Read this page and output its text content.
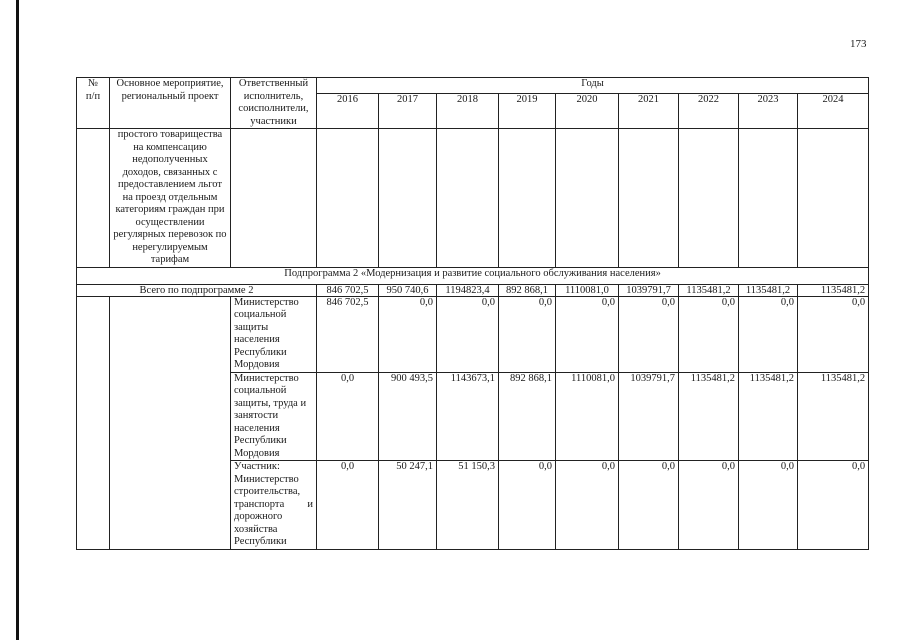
173
№
п/п	Основное мероприятие, региональный проект	Ответственный исполнитель, соисполнители, участники	Годы								
			2016	2017	2018	2019	2020	2021	2022	2023	2024
	простого товарищества на компенсацию недополученных доходов, связанных с предоставлением льгот на проезд отдельным категориям граждан при осуществлении регулярных перевозок по нерегулируемым тарифам										
Подпрограмма 2 «Модернизация и развитие социального обслуживания населения»											
Всего по подпрограмме 2			846 702,5	950 740,6	1194823,4	892 868,1	1110081,0	1039791,7	1135481,2	1135481,2	1135481,2
		Министерство социальной защиты населения Республики Мордовия	846 702,5	0,0	0,0	0,0	0,0	0,0	0,0	0,0	0,0
		Министерство социальной защиты, труда и занятости населения Республики Мордовия	0,0	900 493,5	1143673,1	892 868,1	1110081,0	1039791,7	1135481,2	1135481,2	1135481,2
		Участник: Министерство строительства, транспорта и дорожного хозяйства Республики	0,0	50 247,1	51 150,3	0,0	0,0	0,0	0,0	0,0	0,0
